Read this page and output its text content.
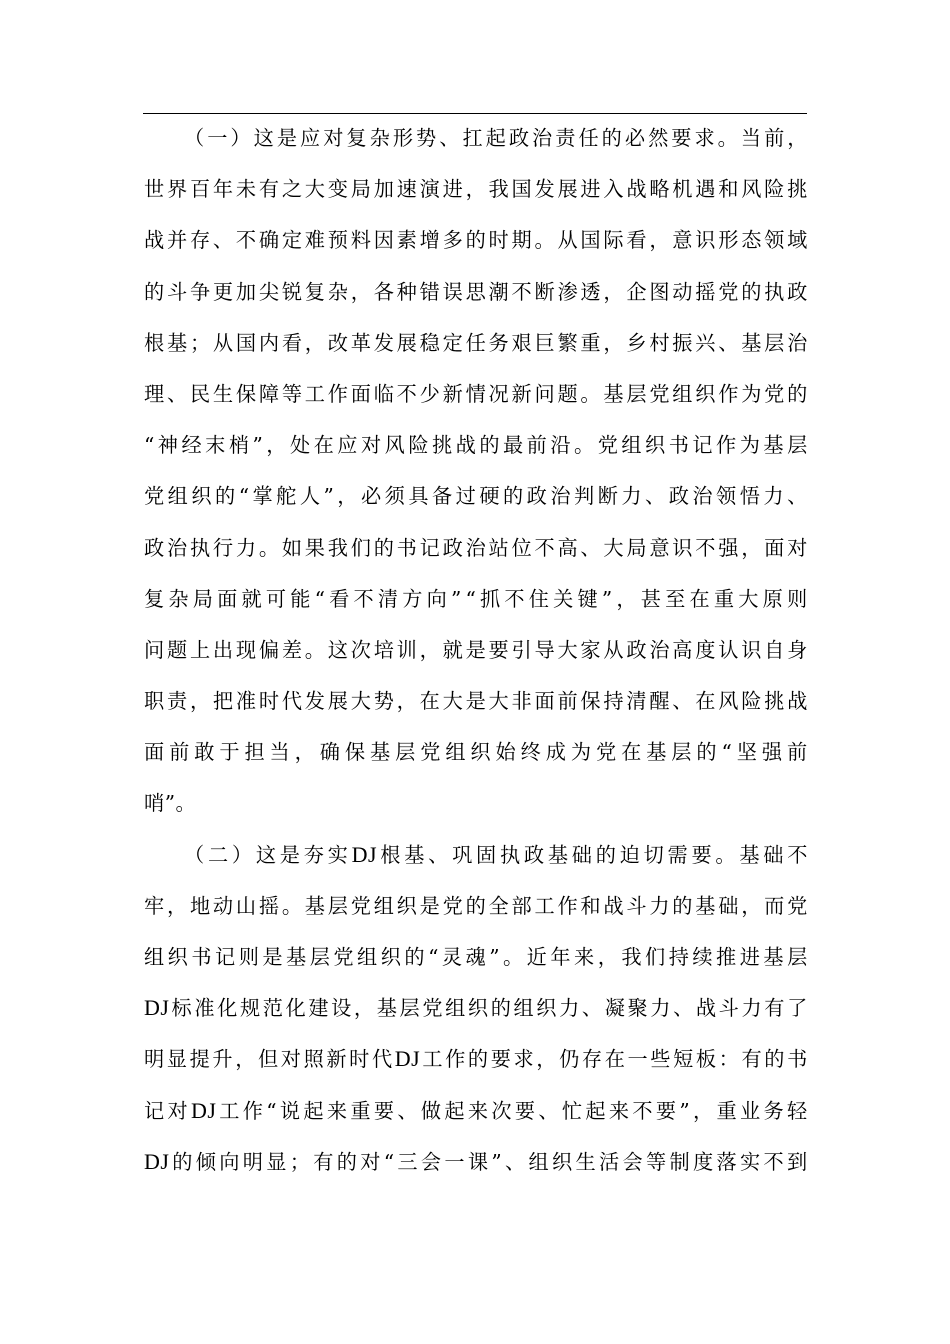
（ 一 ） 这 是 应 对 复 杂 形 势 、 扛 起 政 治 责 任 的 必 然 要 求 。 当 前 ，
世 界 百 年 未 有 之 大 变 局 加 速 演 进 ， 我 国 发 展 进 入 战 略 机 遇 和 风 险 挑
战 并 存 、 不 确 定 难 预 料 因 素 增 多 的 时 期 。 从 国 际 看 ， 意 识 形 态 领 域
的 斗 争 更 加 尖 锐 复 杂 ， 各 种 错 误 思 潮 不 断 渗 透 ， 企 图 动 摇 党 的 执 政
根 基 ； 从 国 内 看 ， 改 革 发 展 稳 定 任 务 艰 巨 繁 重 ， 乡 村 振 兴 、 基 层 治
理 、 民 生 保 障 等 工 作 面 临 不 少 新 情 况 新 问 题 。 基 层 党 组 织 作 为 党 的
“ 神 经 末 梢 ” ， 处 在 应 对 风 险 挑 战 的 最 前 沿 。 党 组 织 书 记 作 为 基 层
党 组 织 的 “ 掌 舵 人 ” ， 必 须 具 备 过 硬 的 政 治 判 断 力 、 政 治 领 悟 力 、
政 治 执 行 力 。 如 果 我 们 的 书 记 政 治 站 位 不 高 、 大 局 意 识 不 强 ， 面 对
复 杂 局 面 就 可 能 “ 看 不 清 方 向 ” “ 抓 不 住 关 键 ” ， 甚 至 在 重 大 原 则
问 题 上 出 现 偏 差 。 这 次 培 训 ， 就 是 要 引 导 大 家 从 政 治 高 度 认 识 自 身
职 责 ， 把 准 时 代 发 展 大 势 ， 在 大 是 大 非 面 前 保 持 清 醒 、 在 风 险 挑 战
面 前 敢 于 担 当 ， 确 保 基 层 党 组 织 始 终 成 为 党 在 基 层 的 “ 坚 强 前
哨 ” 。
（ 二 ） 这 是 夯 实 DJ 根 基 、 巩 固 执 政 基 础 的 迫 切 需 要 。 基 础 不
牢 ， 地 动 山 摇 。 基 层 党 组 织 是 党 的 全 部 工 作 和 战 斗 力 的 基 础 ， 而 党
组 织 书 记 则 是 基 层 党 组 织 的 “ 灵 魂 ” 。 近 年 来 ， 我 们 持 续 推 进 基 层
DJ 标 准 化 规 范 化 建 设 ， 基 层 党 组 织 的 组 织 力 、 凝 聚 力 、 战 斗 力 有 了
明 显 提 升 ， 但 对 照 新 时 代 DJ 工 作 的 要 求 ， 仍 存 在 一 些 短 板 ： 有 的 书
记 对 DJ 工 作 “ 说 起 来 重 要 、 做 起 来 次 要 、 忙 起 来 不 要 ” ， 重 业 务 轻
DJ 的 倾 向 明 显 ； 有 的 对 “ 三 会 一 课 ” 、 组 织 生 活 会 等 制 度 落 实 不 到
